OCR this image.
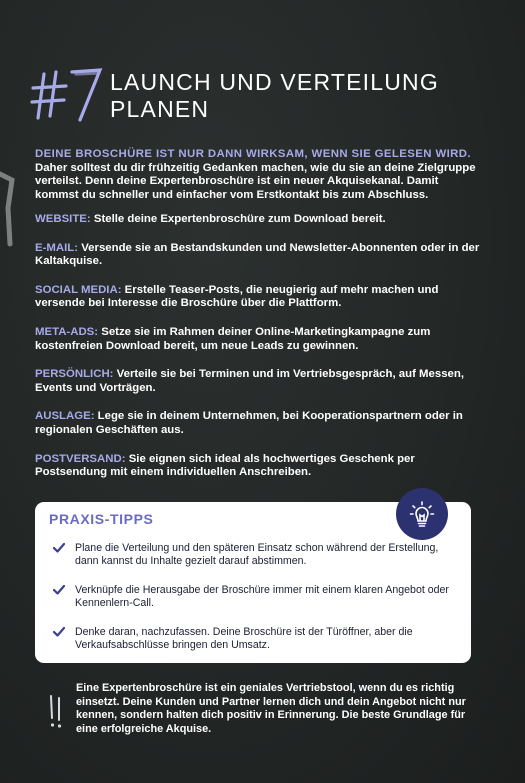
LAUNCH UND VERTEILUNG PLANEN

DEINE BROSCHÜRE IST NUR DANN WIRKSAM, WENN SIE GELESEN WIRD. Daher solltest du dir frühzeitig Gedanken machen, wie du sie an deine Zielgruppe verteilst. Denn deine Expertenbroschüre ist ein neuer Akquisekanal. Damit kommst du schneller und einfacher vom Erstkontakt bis zum Abschluss.

WEBSITE: Stelle deine Expertenbroschüre zum Download bereit.

E-MAIL: Versende sie an Bestandskunden und Newsletter-Abonnenten oder in der Kaltakquise.

SOCIAL MEDIA: Erstelle Teaser-Posts, die neugierig auf mehr machen und versende bei Interesse die Broschüre über die Plattform.

META-ADS: Setze sie im Rahmen deiner Online-Marketingkampagne zum kostenfreien Download bereit, um neue Leads zu gewinnen.

PERSÖNLICH: Verteile sie bei Terminen und im Vertriebsgespräch, auf Messen, Events und Vorträgen.

AUSLAGE: Lege sie in deinem Unternehmen, bei Kooperationspartnern oder in regionalen Geschäften aus.

POSTVERSAND: Sie eignen sich ideal als hochwertiges Geschenk per Postsendung mit einem individuellen Anschreiben.

PRAXIS-TIPPS
Plane die Verteilung und den späteren Einsatz schon während der Erstellung, dann kannst du Inhalte gezielt darauf abstimmen.
Verknüpfe die Herausgabe der Broschüre immer mit einem klaren Angebot oder Kennenlern-Call.
Denke daran, nachzufassen. Deine Broschüre ist der Türöffner, aber die Verkaufsabschlüsse bringen den Umsatz.

Eine Expertenbroschüre ist ein geniales Vertriebstool, wenn du es richtig einsetzt. Deine Kunden und Partner lernen dich und dein Angebot nicht nur kennen, sondern halten dich positiv in Erinnerung. Die beste Grundlage für eine erfolgreiche Akquise.
